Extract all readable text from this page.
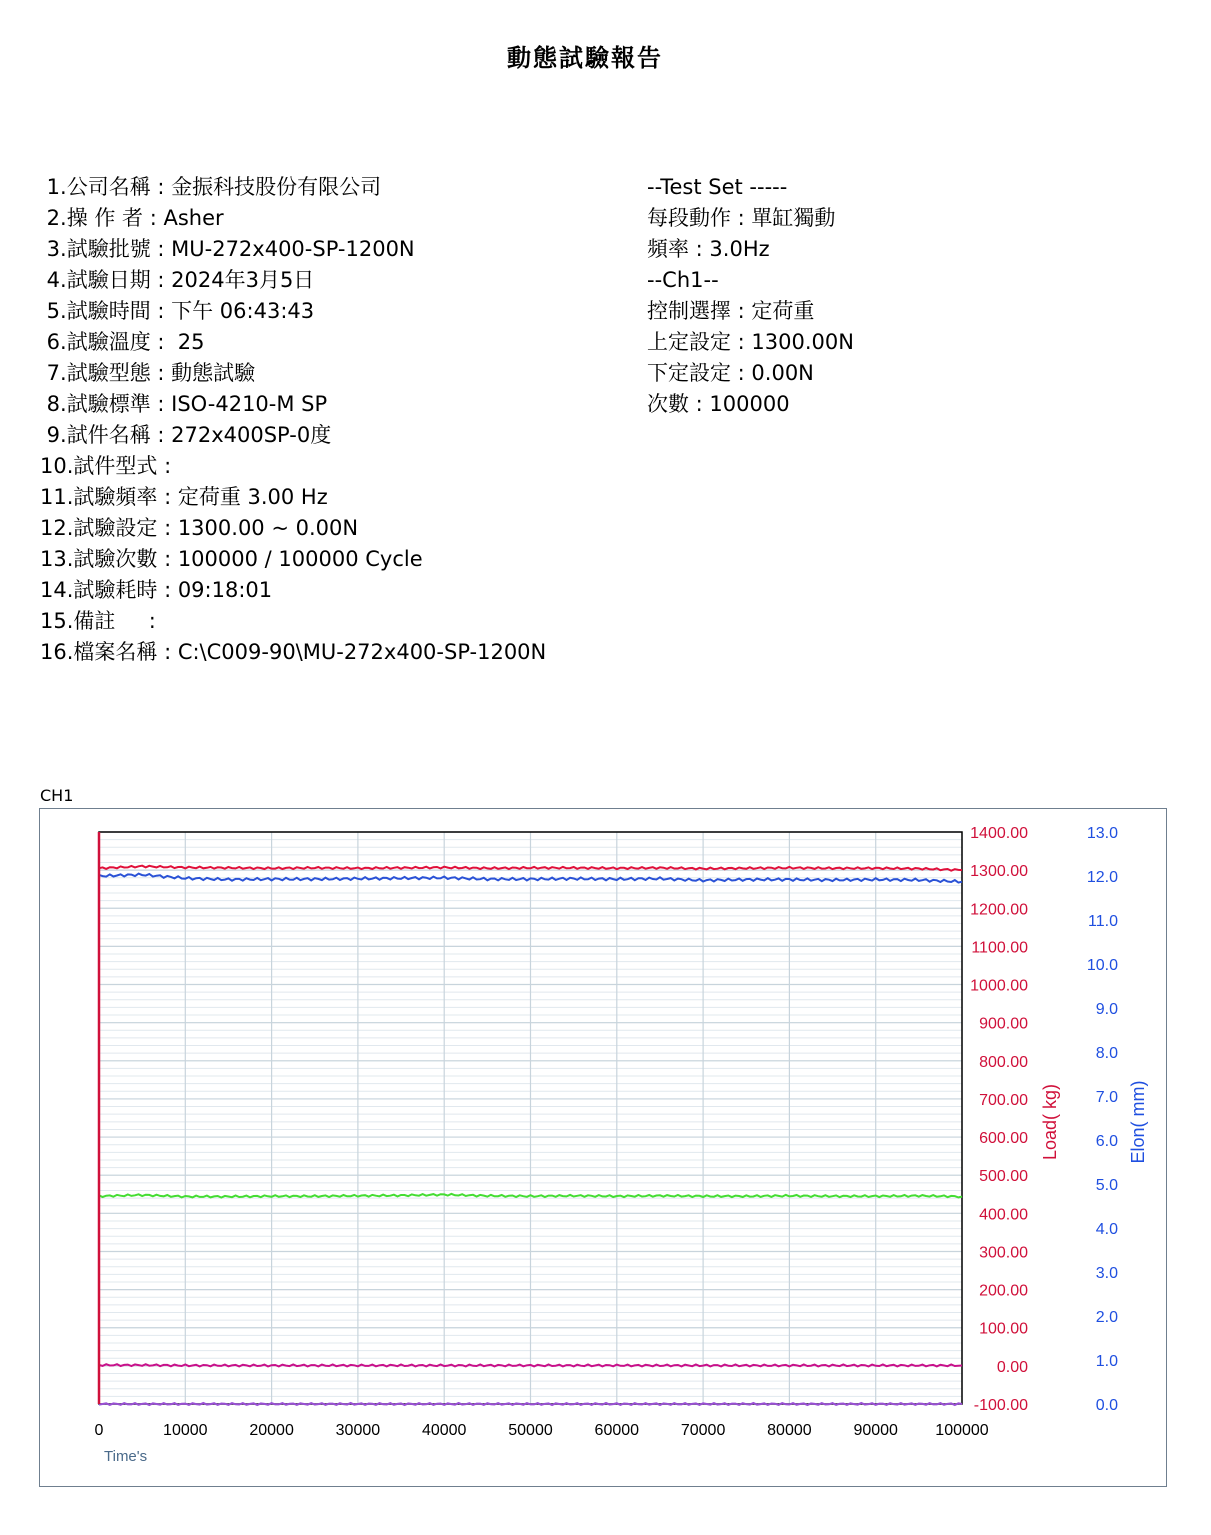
動態試驗報告
1.公司名稱 : 金振科技股份有限公司
2.操 作 者 : Asher
3.試驗批號 : MU-272x400-SP-1200N
4.試驗日期 : 2024年3月5日
5.試驗時間 : 下午 06:43:43
6.試驗溫度 :  25
7.試驗型態 : 動態試驗
8.試驗標準 : ISO-4210-M SP
9.試件名稱 : 272x400SP-0度
10.試件型式 :
11.試驗頻率 : 定荷重 3.00 Hz
12.試驗設定 : 1300.00 ~ 0.00N
13.試驗次數 : 100000 / 100000 Cycle
14.試驗耗時 : 09:18:01
15.備註     :
16.檔案名稱 : C:\C009-90\MU-272x400-SP-1200N
--Test Set -----
每段動作 : 單缸獨動
頻率 : 3.0Hz
--Ch1--
控制選擇 : 定荷重
上定設定 : 1300.00N
下定設定 : 0.00N
次數 : 100000
CH1
0	10000	20000	30000	40000	50000	60000	70000	80000	90000 100000
Time's
-100.00
0.00
100.00
200.00
300.00
400.00
500.00
600.00
700.00
800.00
900.00
1000.00
1100.00
1200.00
1300.00
1400.00
0.0
1.0
2.0
3.0
4.0
5.0
6.0
7.0
8.0
9.0
10.0
11.0
12.0
13.0
Load( kg)	Elon( mm)
